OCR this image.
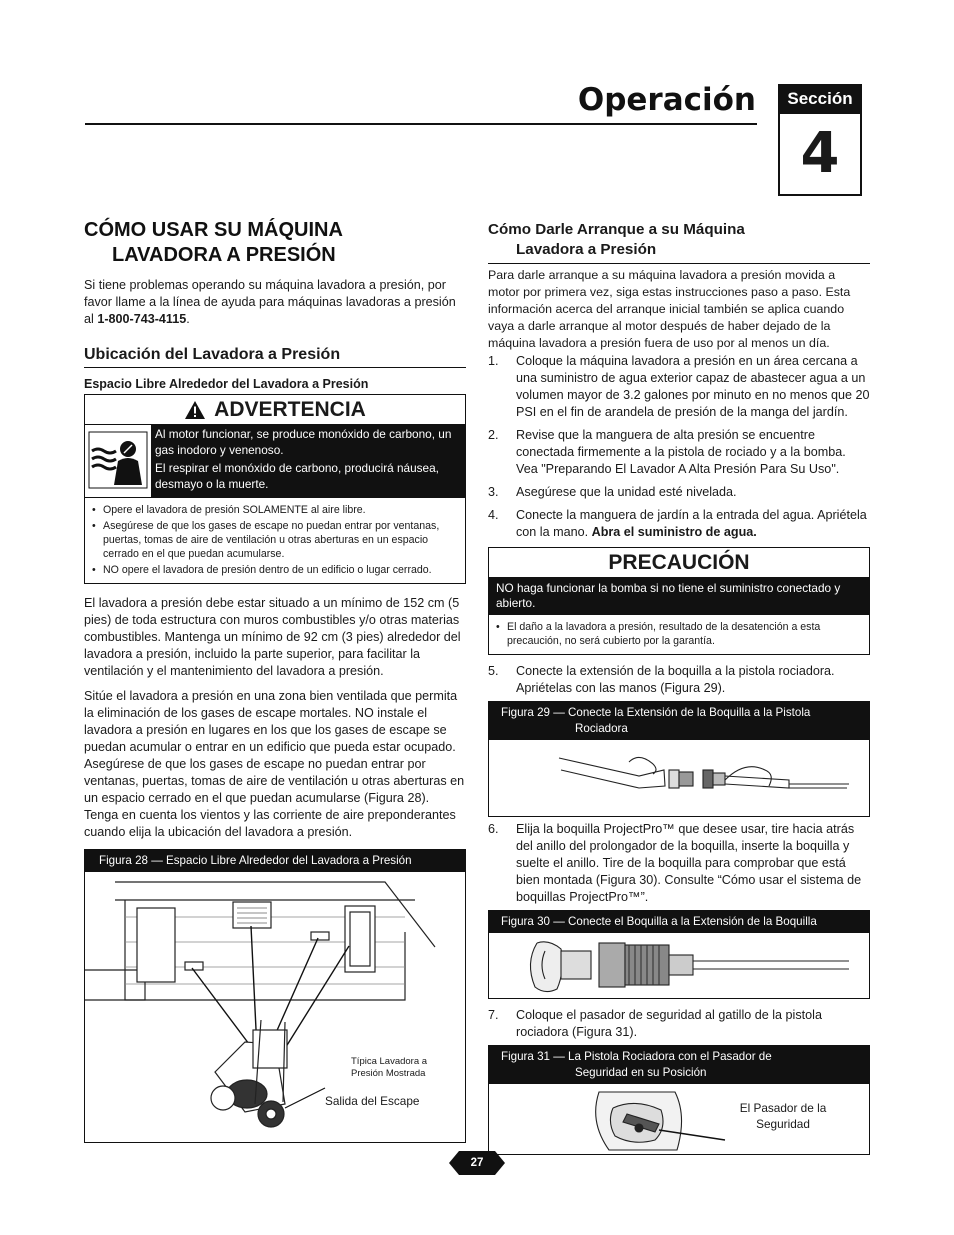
Operación	Sección
4
CÓMO USAR SU MÁQUINA
LAVADORA A PRESIÓN

Si tiene problemas operando su máquina lavadora a presión, por favor llame a la línea de ayuda para máquinas lavadoras a presión al 1-800-743-4115.

Ubicación del Lavadora a Presión
Espacio Libre Alrededor del Lavadora a Presión
ADVERTENCIA

Al motor funcionar, se produce monóxido de carbono, un gas inodoro y venenoso.

El respirar el monóxido de carbono, producirá náusea, desmayo o la muerte.

• Opere el lavadora de presión SOLAMENTE al aire libre.
• Asegúrese de que los gases de escape no puedan entrar por ventanas, puertas, tomas de aire de ventilación u otras aberturas en un espacio cerrado en el que puedan acumularse.
• NO opere el lavadora de presión dentro de un edificio o lugar cerrado.

El lavadora a presión debe estar situado a un mínimo de 152 cm (5 pies) de toda estructura con muros combustibles y/o otras materias combustibles. Mantenga un mínimo de 92 cm (3 pies) alrededor del lavadora a presión, incluido la parte superior, para facilitar la ventilación y el mantenimiento del lavadora a presión.

Sitúe el lavadora a presión en una zona bien ventilada que permita la eliminación de los gases de escape mortales. NO instale el lavadora a presión en lugares en los que los gases de escape se puedan acumular o entrar en un edificio que pueda estar ocupado. Asegúrese de que los gases de escape no puedan entrar por ventanas, puertas, tomas de aire de ventilación u otras aberturas en un espacio cerrado en el que puedan acumularse (Figura 28). Tenga en cuenta los vientos y las corriente de aire preponderantes cuando elija la ubicación del lavadora a presión.

Figura 28 — Espacio Libre Alrededor del Lavadora a Presión
Típica Lavadora a Presión Mostrada
Salida del Escape
Cómo Darle Arranque a su Máquina
Lavadora a Presión

Para darle arranque a su máquina lavadora a presión movida a motor por primera vez, siga estas instrucciones paso a paso. Esta información acerca del arranque inicial también se aplica cuando vaya a darle arranque al motor después de haber dejado de la máquina lavadora a presión fuera de uso por al menos un día.

1.	Coloque la máquina lavadora a presión en un área cercana a una suministro de agua exterior capaz de abastecer agua a un volumen mayor de 3.2 galones por minuto en no menos que 20 PSI en el fin de arandela de presión de la manga del jardín.
2.	Revise que la manguera de alta presión se encuentre conectada firmemente a la pistola de rociado y a la bomba. Vea "Preparando El Lavador A Alta Presión Para Su Uso".
3.	Asegúrese que la unidad esté nivelada.
4.	Conecte la manguera de jardín a la entrada del agua. Apriétela con la mano. Abra el suministro de agua.
PRECAUCIÓN
NO haga funcionar la bomba si no tiene el suministro conectado y abierto.
• El daño a la lavadora a presión, resultado de la desatención a esta precaución, no será cubierto por la garantía.
5.	Conecte la extensión de la boquilla a la pistola rociadora. Apriételas con las manos (Figura 29).
Figura 29 — Conecte la Extensión de la Boquilla a la Pistola
Rociadora
6.	Elija la boquilla ProjectPro™ que desee usar, tire hacia atrás del anillo del prolongador de la boquilla, inserte la boquilla y suelte el anillo. Tire de la boquilla para comprobar que está bien montada (Figura 30). Consulte “Cómo usar el sistema de boquillas ProjectPro™”.
Figura 30 — Conecte el Boquilla a la Extensión de la Boquilla
7.	Coloque el pasador de seguridad al gatillo de la pistola rociadora (Figura 31).
Figura 31 — La Pistola Rociadora con el Pasador de
Seguridad en su Posición
El Pasador de la Seguridad
27
